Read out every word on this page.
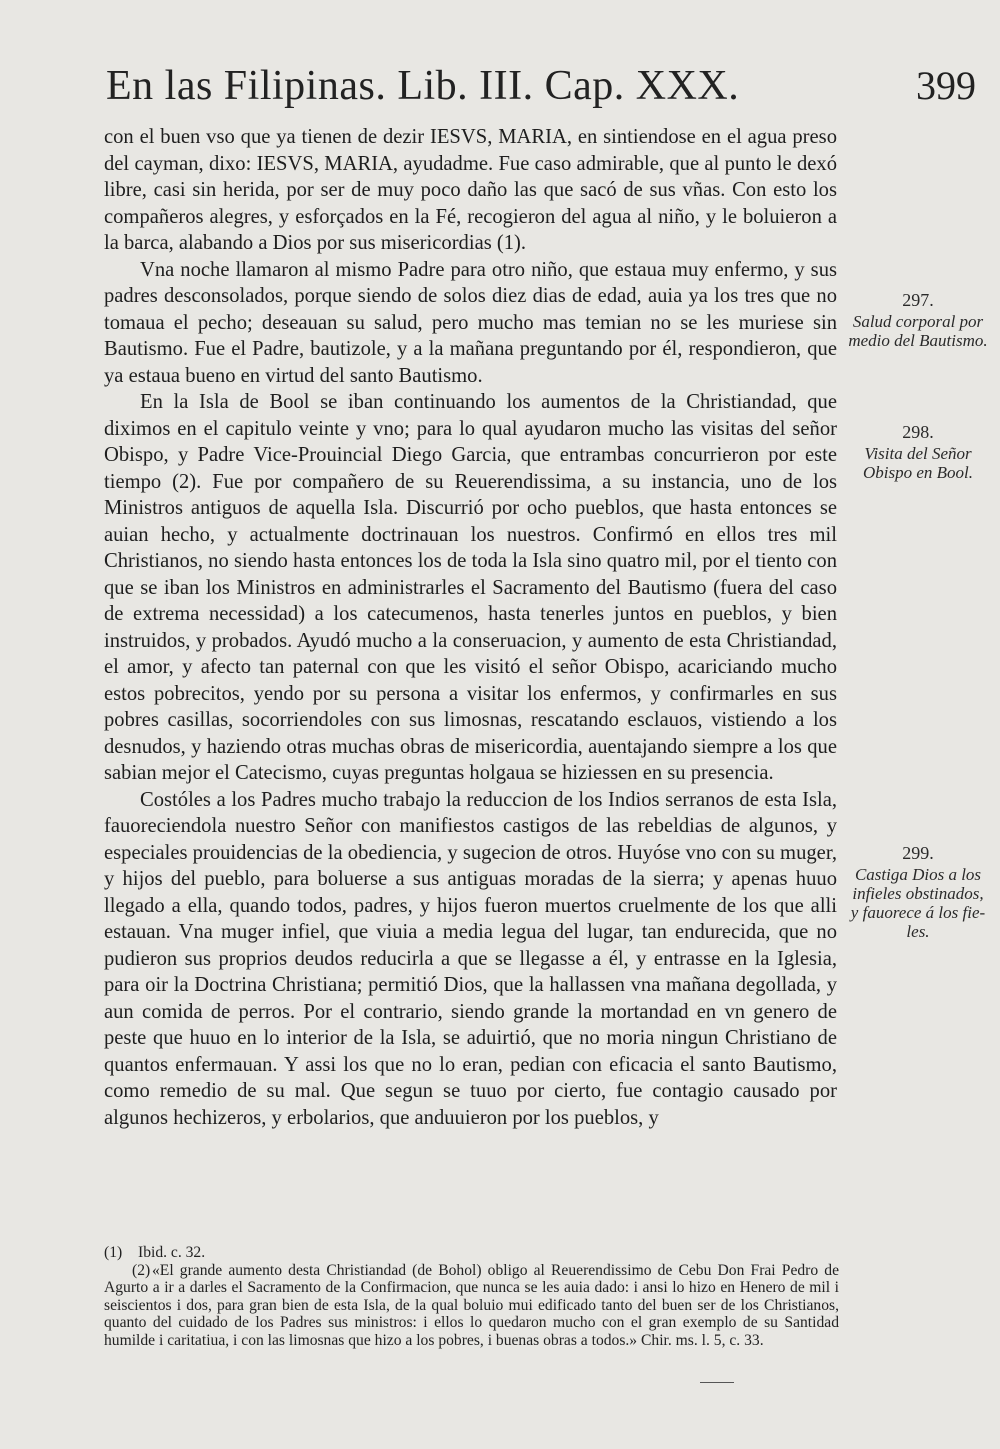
En las Filipinas. Lib. III. Cap. XXX.	399

con el buen vso que ya tienen de dezir IESVS, MARIA, en sintiendose en el agua preso del cayman, dixo: IESVS, MARIA, ayudadme. Fue caso admirable, que al punto le dexó libre, casi sin herida, por ser de muy poco daño las que sacó de sus vñas. Con esto los compañeros alegres, y esforçados en la Fé, recogieron del agua al niño, y le boluieron a la barca, alabando a Dios por sus misericordias (1).

Vna noche llamaron al mismo Padre para otro niño, que estaua muy enfermo, y sus padres desconsolados, porque siendo de solos diez dias de edad, auia ya los tres que no tomaua el pecho; deseauan su salud, pero mucho mas temian no se les muriese sin Bautismo. Fue el Padre, bautizole, y a la mañana preguntando por él, respondieron, que ya estaua bueno en virtud del santo Bautismo.

En la Isla de Bool se iban continuando los aumentos de la Christiandad, que diximos en el capitulo veinte y vno; para lo qual ayudaron mucho las visitas del señor Obispo, y Padre Vice-Prouincial Diego Garcia, que entrambas concurrieron por este tiempo (2). Fue por compañero de su Reuerendissima, a su instancia, uno de los Ministros antiguos de aquella Isla. Discurrió por ocho pueblos, que hasta entonces se auian hecho, y actualmente doctrinauan los nuestros. Confirmó en ellos tres mil Christianos, no siendo hasta entonces los de toda la Isla sino quatro mil, por el tiento con que se iban los Ministros en administrarles el Sacramento del Bautismo (fuera del caso de extrema necessidad) a los catecumenos, hasta tenerles juntos en pueblos, y bien instruidos, y probados. Ayudó mucho a la conseruacion, y aumento de esta Christiandad, el amor, y afecto tan paternal con que les visitó el señor Obispo, acariciando mucho estos pobrecitos, yendo por su persona a visitar los enfermos, y confirmarles en sus pobres casillas, socorriendoles con sus limosnas, rescatando esclauos, vistiendo a los desnudos, y haziendo otras muchas obras de misericordia, auentajando siempre a los que sabian mejor el Catecismo, cuyas preguntas holgaua se hiziessen en su presencia.

Costóles a los Padres mucho trabajo la reduccion de los Indios serranos de esta Isla, fauoreciendola nuestro Señor con manifiestos castigos de las rebeldias de algunos, y especiales prouidencias de la obediencia, y sugecion de otros. Huyóse vno con su muger, y hijos del pueblo, para boluerse a sus antiguas moradas de la sierra; y apenas huuo llegado a ella, quando todos, padres, y hijos fueron muertos cruelmente de los que alli estauan. Vna muger infiel, que viuia a media legua del lugar, tan endurecida, que no pudieron sus proprios deudos reducirla a que se llegasse a él, y entrasse en la Iglesia, para oir la Doctrina Christiana; permitió Dios, que la hallassen vna mañana degollada, y aun comida de perros. Por el contrario, siendo grande la mortandad en vn genero de peste que huuo en lo interior de la Isla, se aduirtió, que no moria ningun Christiano de quantos enfermauan. Y assi los que no lo eran, pedian con eficacia el santo Bautismo, como remedio de su mal. Que segun se tuuo por cierto, fue contagio causado por algunos hechizeros, y erbolarios, que anduuieron por los pueblos, y

297.
Salud corporal por medio del Bautismo.
298.
Visita del Señor Obispo en Bool.
299.
Castiga Dios a los infieles obstinados, y fauorece á los fieles.

(1) Ibid. c. 32.

(2) «El grande aumento desta Christiandad (de Bohol) obligo al Reuerendissimo de Cebu Don Frai Pedro de Agurto a ir a darles el Sacramento de la Confirmacion, que nunca se les auia dado: i ansi lo hizo en Henero de mil i seiscientos i dos, para gran bien de esta Isla, de la qual boluio mui edificado tanto del buen ser de los Christianos, quanto del cuidado de los Padres sus ministros: i ellos lo quedaron mucho con el gran exemplo de su Santidad humilde i caritatiua, i con las limosnas que hizo a los pobres, i buenas obras a todos.» Chir. ms. l. 5, c. 33.
